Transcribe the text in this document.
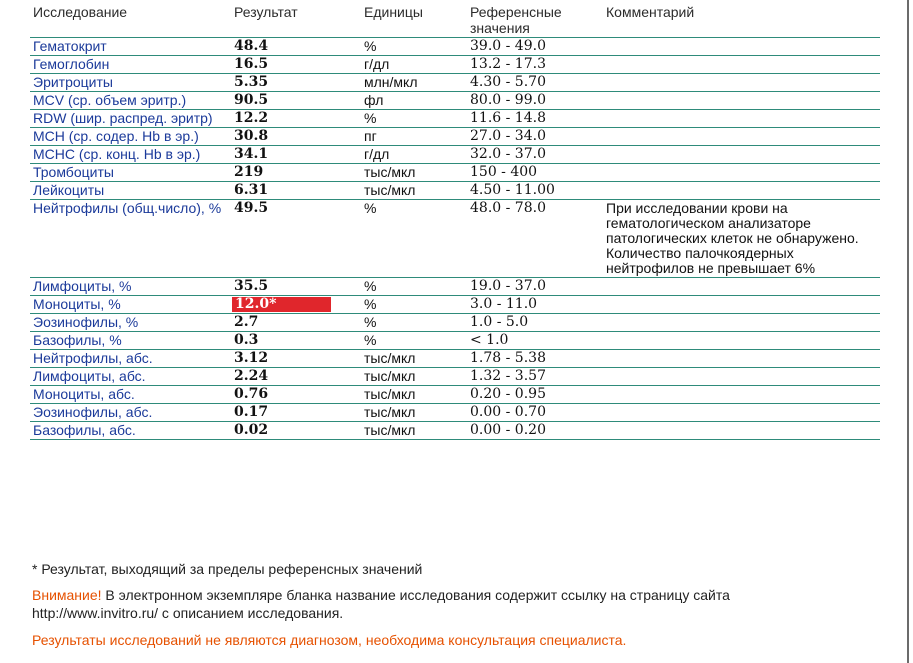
Исследование	Результат	Единицы	Референсные значения	Комментарий
Гематокрит	48.4	%	39.0 - 49.0	
Гемоглобин	16.5	г/дл	13.2 - 17.3	
Эритроциты	5.35	млн/мкл	4.30 - 5.70	
MCV (ср. объем эритр.)	90.5	фл	80.0 - 99.0	
RDW (шир. распред. эритр)	12.2	%	11.6 - 14.8	
MCH (ср. содер. Hb в эр.)	30.8	пг	27.0 - 34.0	
MCHC (ср. конц. Hb в эр.)	34.1	г/дл	32.0 - 37.0	
Тромбоциты	219	тыс/мкл	150 - 400	
Лейкоциты	6.31	тыс/мкл	4.50 - 11.00	
Нейтрофилы (общ.число), %	49.5	%	48.0 - 78.0	При исследовании крови на гематологическом анализаторе патологических клеток не обнаружено. Количество палочкоядерных нейтрофилов не превышает 6%
Лимфоциты, %	35.5	%	19.0 - 37.0	
Моноциты, %	12.0*	%	3.0 - 11.0	
Эозинофилы, %	2.7	%	1.0 - 5.0	
Базофилы, %	0.3	%	< 1.0	
Нейтрофилы, абс.	3.12	тыс/мкл	1.78 - 5.38	
Лимфоциты, абс.	2.24	тыс/мкл	1.32 - 3.57	
Моноциты, абс.	0.76	тыс/мкл	0.20 - 0.95	
Эозинофилы, абс.	0.17	тыс/мкл	0.00 - 0.70	
Базофилы, абс.	0.02	тыс/мкл	0.00 - 0.20	
* Результат, выходящий за пределы референсных значений
Внимание! В электронном экземпляре бланка название исследования содержит ссылку на страницу сайта
http://www.invitro.ru/ с описанием исследования.
Результаты исследований не являются диагнозом, необходима консультация специалиста.
